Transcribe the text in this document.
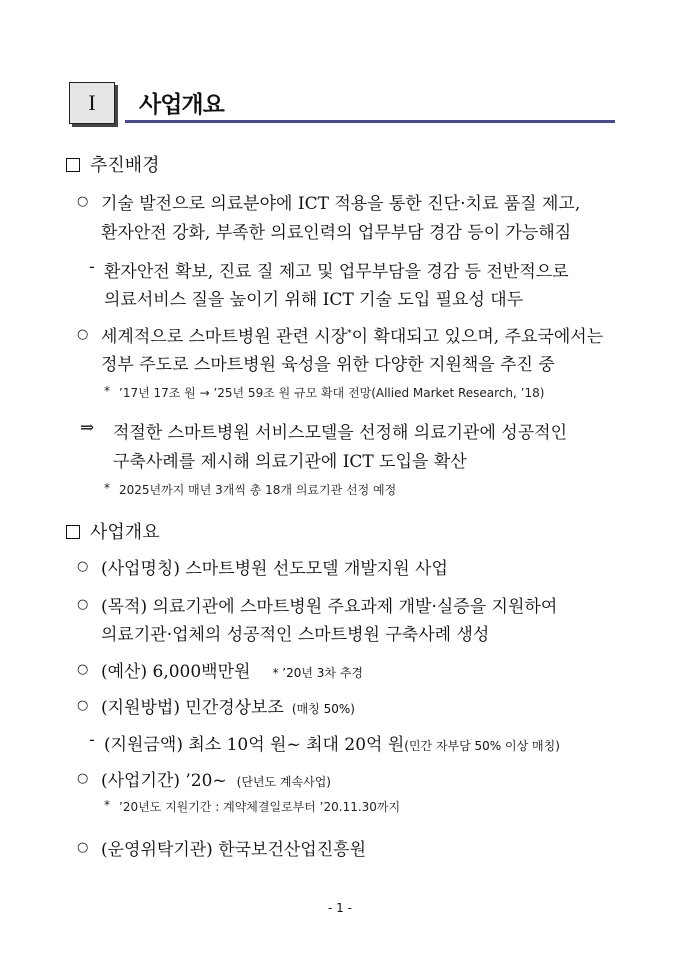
I 사업개요
추진배경
○ 기술 발전으로 의료분야에 ICT 적용을 통한 진단·치료 품질 제고,
환자안전 강화, 부족한 의료인력의 업무부담 경감 등이 가능해짐
- 환자안전 확보, 진료 질 제고 및 업무부담을 경감 등 전반적으로
의료서비스 질을 높이기 위해 ICT 기술 도입 필요성 대두
○ 세계적으로 스마트병원 관련 시장*이 확대되고 있으며, 주요국에서는
정부 주도로 스마트병원 육성을 위한 다양한 지원책을 추진 중
* ’17년 17조 원 → ’25년 59조 원 규모 확대 전망(Allied Market Research, ’18)
⇒ 적절한 스마트병원 서비스모델을 선정해 의료기관에 성공적인
구축사례를 제시해 의료기관에 ICT 도입을 확산
* 2025년까지 매년 3개씩 총 18개 의료기관 선정 예정
사업개요
○ (사업명칭) 스마트병원 선도모델 개발지원 사업
○ (목적) 의료기관에 스마트병원 주요과제 개발·실증을 지원하여
의료기관·업체의 성공적인 스마트병원 구축사례 생성
○ (예산) 6,000백만원 * ’20년 3차 추경
○ (지원방법) 민간경상보조 (매칭 50%)
- (지원금액) 최소 10억 원~ 최대 20억 원(민간 자부담 50% 이상 매칭)
○ (사업기간) ’20~ (단년도 계속사업)
* ’20년도 지원기간 : 계약체결일로부터 ’20.11.30까지
○ (운영위탁기관) 한국보건산업진흥원
- 1 -
